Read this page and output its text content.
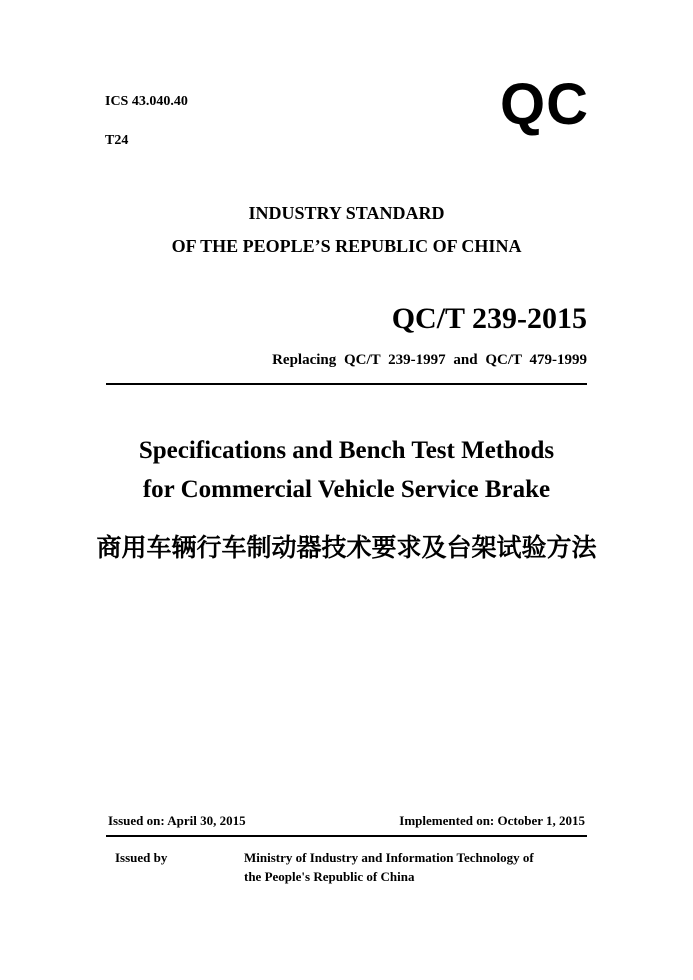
ICS 43.040.40
T24
QC
INDUSTRY STANDARD
OF THE PEOPLE’S REPUBLIC OF CHINA
QC/T 239-2015
Replacing QC/T 239-1997 and QC/T 479-1999
Specifications and Bench Test Methods
for Commercial Vehicle Service Brake
商用车辆行车制动器技术要求及台架试验方法
Issued on: April 30, 2015	Implemented on: October 1, 2015
Issued by	Ministry of Industry and Information Technology of
the People's Republic of China
